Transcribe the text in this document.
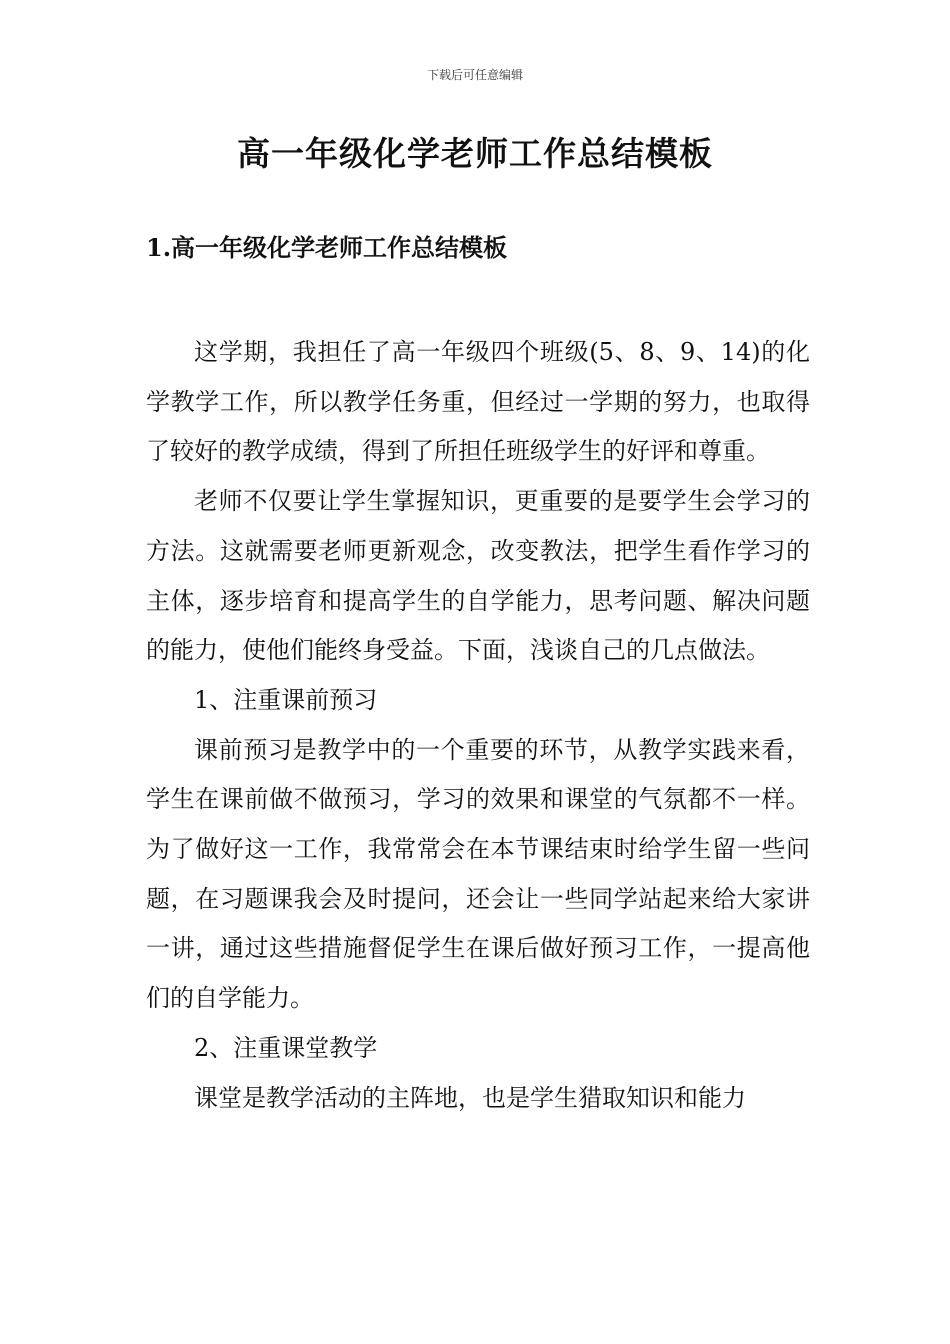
下载后可任意编辑
高一年级化学老师工作总结模板
1.高一年级化学老师工作总结模板

这学期，我担任了高一年级四个班级(5、8、9、14)的化学教学工作，所以教学任务重，但经过一学期的努力，也取得了较好的教学成绩，得到了所担任班级学生的好评和尊重。

老师不仅要让学生掌握知识，更重要的是要学生会学习的方法。这就需要老师更新观念，改变教法，把学生看作学习的主体，逐步培育和提高学生的自学能力，思考问题、解决问题的能力，使他们能终身受益。下面，浅谈自己的几点做法。

1、注重课前预习

课前预习是教学中的一个重要的环节，从教学实践来看，学生在课前做不做预习，学习的效果和课堂的气氛都不一样。为了做好这一工作，我常常会在本节课结束时给学生留一些问题，在习题课我会及时提问，还会让一些同学站起来给大家讲一讲，通过这些措施督促学生在课后做好预习工作，一提高他们的自学能力。

2、注重课堂教学

课堂是教学活动的主阵地，也是学生猎取知识和能力
